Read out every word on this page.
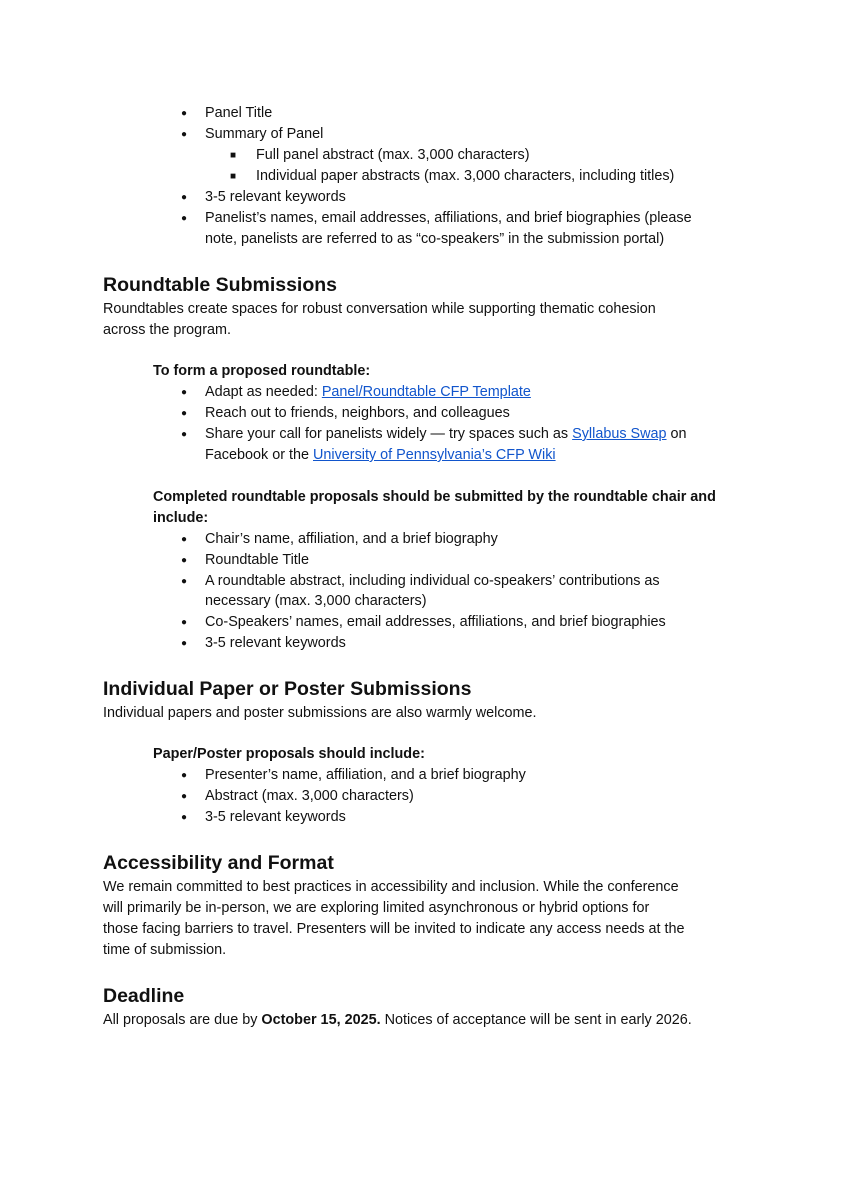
● Panel Title
● Summary of Panel
■ Full panel abstract (max. 3,000 characters)
■ Individual paper abstracts (max. 3,000 characters, including titles)
● 3-5 relevant keywords
● Panelist’s names, email addresses, affiliations, and brief biographies (please
note, panelists are referred to as “co-speakers” in the submission portal)
Roundtable Submissions
Roundtables create spaces for robust conversation while supporting thematic cohesion
across the program.
To form a proposed roundtable:
● Adapt as needed: Panel/Roundtable CFP Template
● Reach out to friends, neighbors, and colleagues
● Share your call for panelists widely — try spaces such as Syllabus Swap on
Facebook or the University of Pennsylvania’s CFP Wiki
Completed roundtable proposals should be submitted by the roundtable chair and
include:
● Chair’s name, affiliation, and a brief biography
● Roundtable Title
● A roundtable abstract, including individual co-speakers’ contributions as
necessary (max. 3,000 characters)
● Co-Speakers’ names, email addresses, affiliations, and brief biographies
● 3-5 relevant keywords
Individual Paper or Poster Submissions
Individual papers and poster submissions are also warmly welcome.
Paper/Poster proposals should include:
● Presenter’s name, affiliation, and a brief biography
● Abstract (max. 3,000 characters)
● 3-5 relevant keywords
Accessibility and Format
We remain committed to best practices in accessibility and inclusion. While the conference
will primarily be in-person, we are exploring limited asynchronous or hybrid options for
those facing barriers to travel. Presenters will be invited to indicate any access needs at the
time of submission.
Deadline
All proposals are due by October 15, 2025. Notices of acceptance will be sent in early 2026.
